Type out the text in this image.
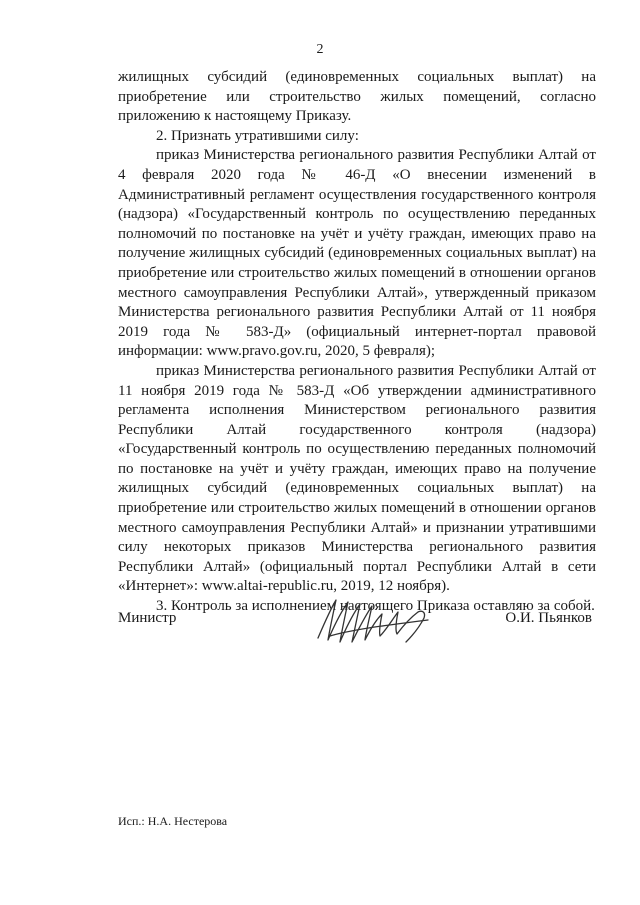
2

жилищных субсидий (единовременных социальных выплат) на приобретение или строительство жилых помещений, согласно приложению к настоящему Приказу.

2. Признать утратившими силу:

приказ Министерства регионального развития Республики Алтай от 4 февраля 2020 года № 46-Д «О внесении изменений в Административный регламент осуществления государственного контроля (надзора) «Государственный контроль по осуществлению переданных полномочий по постановке на учёт и учёту граждан, имеющих право на получение жилищных субсидий (единовременных социальных выплат) на приобретение или строительство жилых помещений в отношении органов местного самоуправления Республики Алтай», утвержденный приказом Министерства регионального развития Республики Алтай от 11 ноября 2019 года № 583-Д» (официальный интернет-портал правовой информации: www.pravo.gov.ru, 2020, 5 февраля);

приказ Министерства регионального развития Республики Алтай от 11 ноября 2019 года № 583-Д «Об утверждении административного регламента исполнения Министерством регионального развития Республики Алтай государственного контроля (надзора) «Государственный контроль по осуществлению переданных полномочий по постановке на учёт и учёту граждан, имеющих право на получение жилищных субсидий (единовременных социальных выплат) на приобретение или строительство жилых помещений в отношении органов местного самоуправления Республики Алтай» и признании утратившими силу некоторых приказов Министерства регионального развития Республики Алтай» (официальный портал Республики Алтай в сети «Интернет»: www.altai-republic.ru, 2019, 12 ноября).

3. Контроль за исполнением настоящего Приказа оставляю за собой.

Министр	О.И. Пьянков
Исп.: Н.А. Нестерова
